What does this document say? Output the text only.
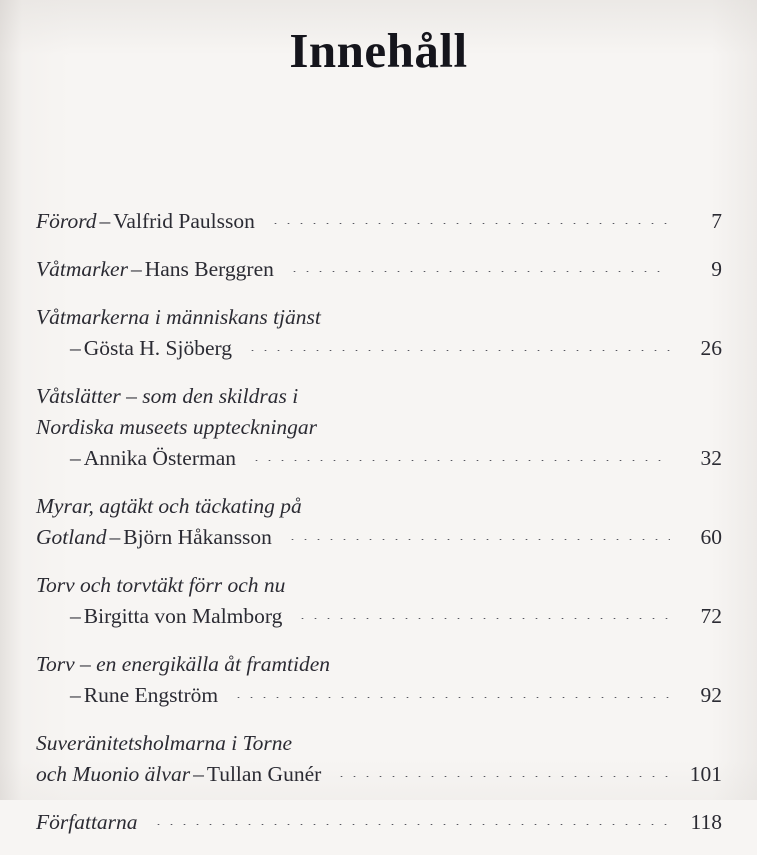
Innehåll
Förord – Valfrid Paulsson	7
Våtmarker – Hans Berggren	9
Våtmarkerna i människans tjänst
– Gösta H. Sjöberg	26
Våtslätter – som den skildras i
Nordiska museets uppteckningar
– Annika Österman	32
Myrar, agtäkt och täckating på
Gotland – Björn Håkansson	60
Torv och torvtäkt förr och nu
– Birgitta von Malmborg	72
Torv – en energikälla åt framtiden
– Rune Engström	92
Suveränitetsholmarna i Torne
och Muonio älvar – Tullan Gunér	101
Författarna	118
